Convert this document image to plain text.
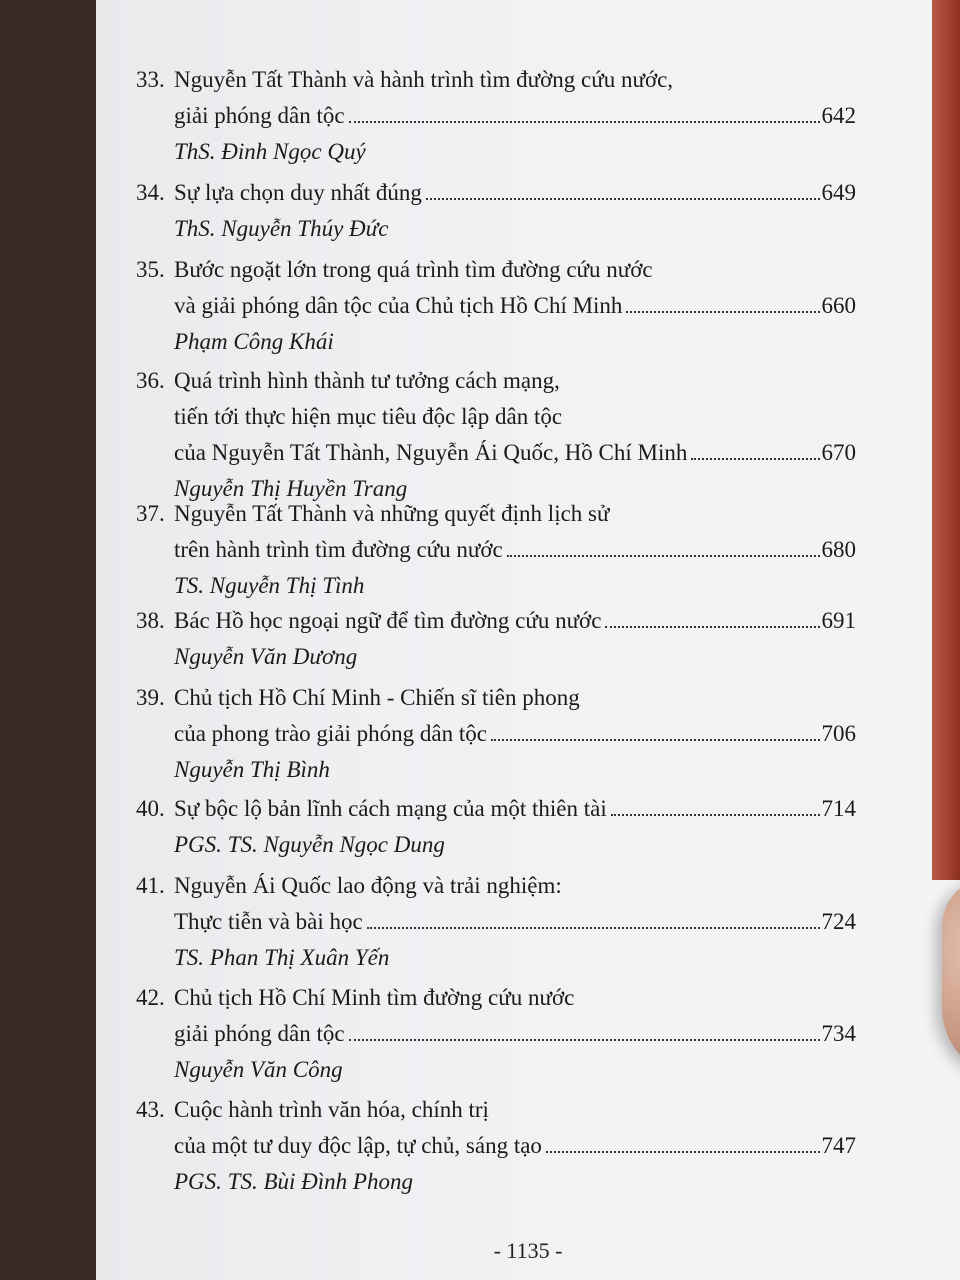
33. Nguyễn Tất Thành và hành trình tìm đường cứu nước,
giải phóng dân tộc	642
ThS. Đinh Ngọc Quý
34. Sự lựa chọn duy nhất đúng	649
ThS. Nguyễn Thúy Đức
35. Bước ngoặt lớn trong quá trình tìm đường cứu nước
và giải phóng dân tộc của Chủ tịch Hồ Chí Minh	660
Phạm Công Khái
36. Quá trình hình thành tư tưởng cách mạng,
tiến tới thực hiện mục tiêu độc lập dân tộc
của Nguyễn Tất Thành, Nguyễn Ái Quốc, Hồ Chí Minh	670
Nguyễn Thị Huyền Trang
37. Nguyễn Tất Thành và những quyết định lịch sử
trên hành trình tìm đường cứu nước	680
TS. Nguyễn Thị Tình
38. Bác Hồ học ngoại ngữ để tìm đường cứu nước	691
Nguyễn Văn Dương
39. Chủ tịch Hồ Chí Minh - Chiến sĩ tiên phong
của phong trào giải phóng dân tộc	706
Nguyễn Thị Bình
40. Sự bộc lộ bản lĩnh cách mạng của một thiên tài	714
PGS. TS. Nguyễn Ngọc Dung
41. Nguyễn Ái Quốc lao động và trải nghiệm:
Thực tiễn và bài học	724
TS. Phan Thị Xuân Yến
42. Chủ tịch Hồ Chí Minh tìm đường cứu nước
giải phóng dân tộc	734
Nguyễn Văn Công
43. Cuộc hành trình văn hóa, chính trị
của một tư duy độc lập, tự chủ, sáng tạo	747
PGS. TS. Bùi Đình Phong
- 1135 -
